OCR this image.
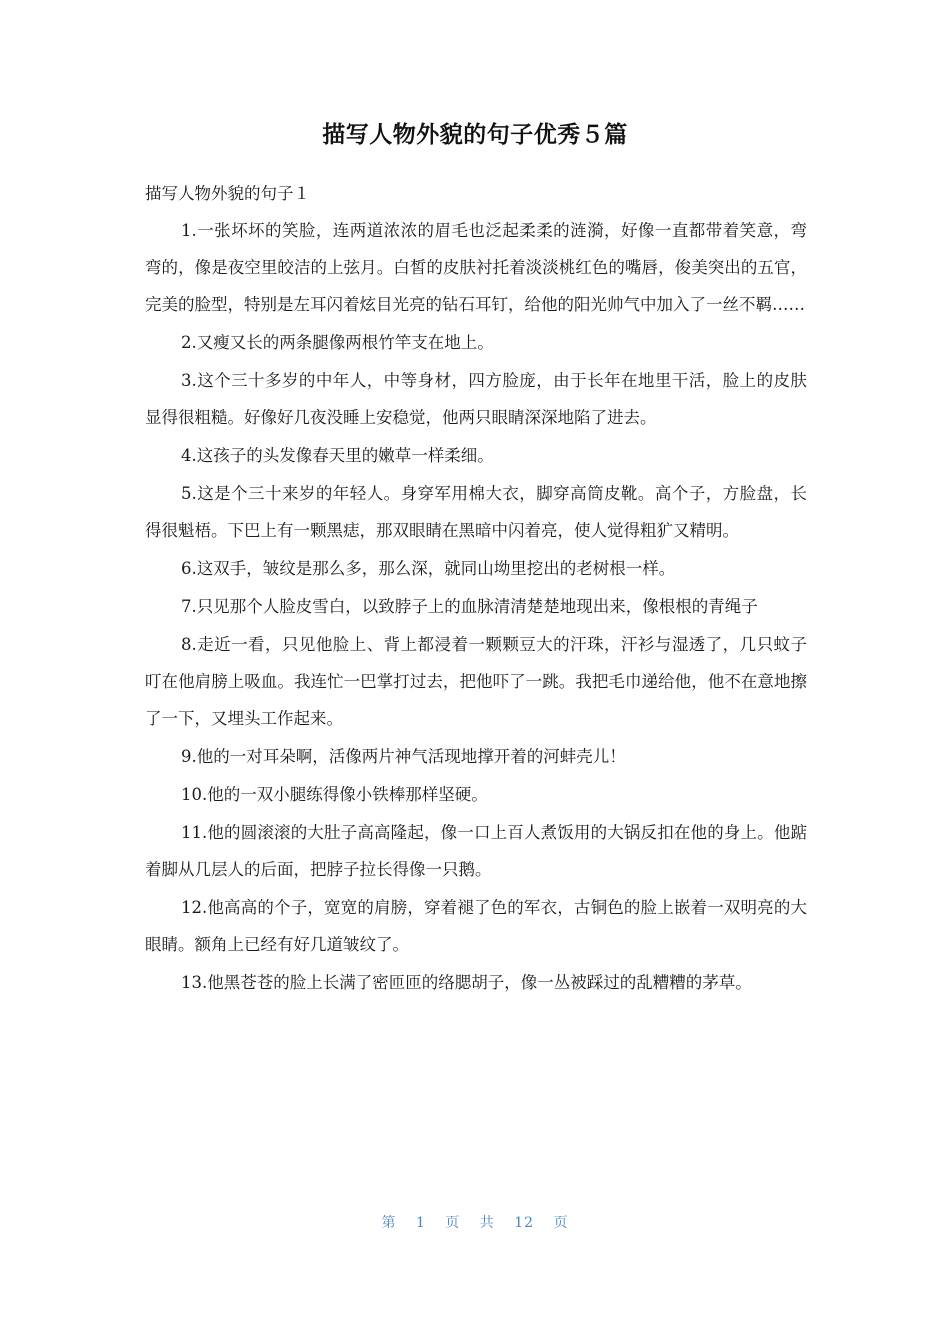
描写人物外貌的句子优秀５篇

描写人物外貌的句子１

1.一张坏坏的笑脸，连两道浓浓的眉毛也泛起柔柔的涟漪，好像一直都带着笑意，弯弯的，像是夜空里皎洁的上弦月。白皙的皮肤衬托着淡淡桃红色的嘴唇，俊美突出的五官，完美的脸型，特别是左耳闪着炫目光亮的钻石耳钉，给他的阳光帅气中加入了一丝不羁……

2.又瘦又长的两条腿像两根竹竿支在地上。

3.这个三十多岁的中年人，中等身材，四方脸庞，由于长年在地里干活，脸上的皮肤显得很粗糙。好像好几夜没睡上安稳觉，他两只眼睛深深地陷了进去。

4.这孩子的头发像春天里的嫩草一样柔细。

5.这是个三十来岁的年轻人。身穿军用棉大衣，脚穿高筒皮靴。高个子，方脸盘，长得很魁梧。下巴上有一颗黑痣，那双眼睛在黑暗中闪着亮，使人觉得粗犷又精明。

6.这双手，皱纹是那么多，那么深，就同山坳里挖出的老树根一样。

7.只见那个人脸皮雪白，以致脖子上的血脉清清楚楚地现出来，像根根的青绳子

8.走近一看，只见他脸上、背上都浸着一颗颗豆大的汗珠，汗衫与湿透了，几只蚊子叮在他肩膀上吸血。我连忙一巴掌打过去，把他吓了一跳。我把毛巾递给他，他不在意地擦了一下，又埋头工作起来。

9.他的一对耳朵啊，活像两片神气活现地撑开着的河蚌壳儿！

10.他的一双小腿练得像小铁棒那样坚硬。

11.他的圆滚滚的大肚子高高隆起，像一口上百人煮饭用的大锅反扣在他的身上。他踮着脚从几层人的后面，把脖子拉长得像一只鹅。

12.他高高的个子，宽宽的肩膀，穿着褪了色的军衣，古铜色的脸上嵌着一双明亮的大眼睛。额角上已经有好几道皱纹了。

13.他黑苍苍的脸上长满了密匝匝的络腮胡子，像一丛被踩过的乱糟糟的茅草。

第 1 页 共 12 页
